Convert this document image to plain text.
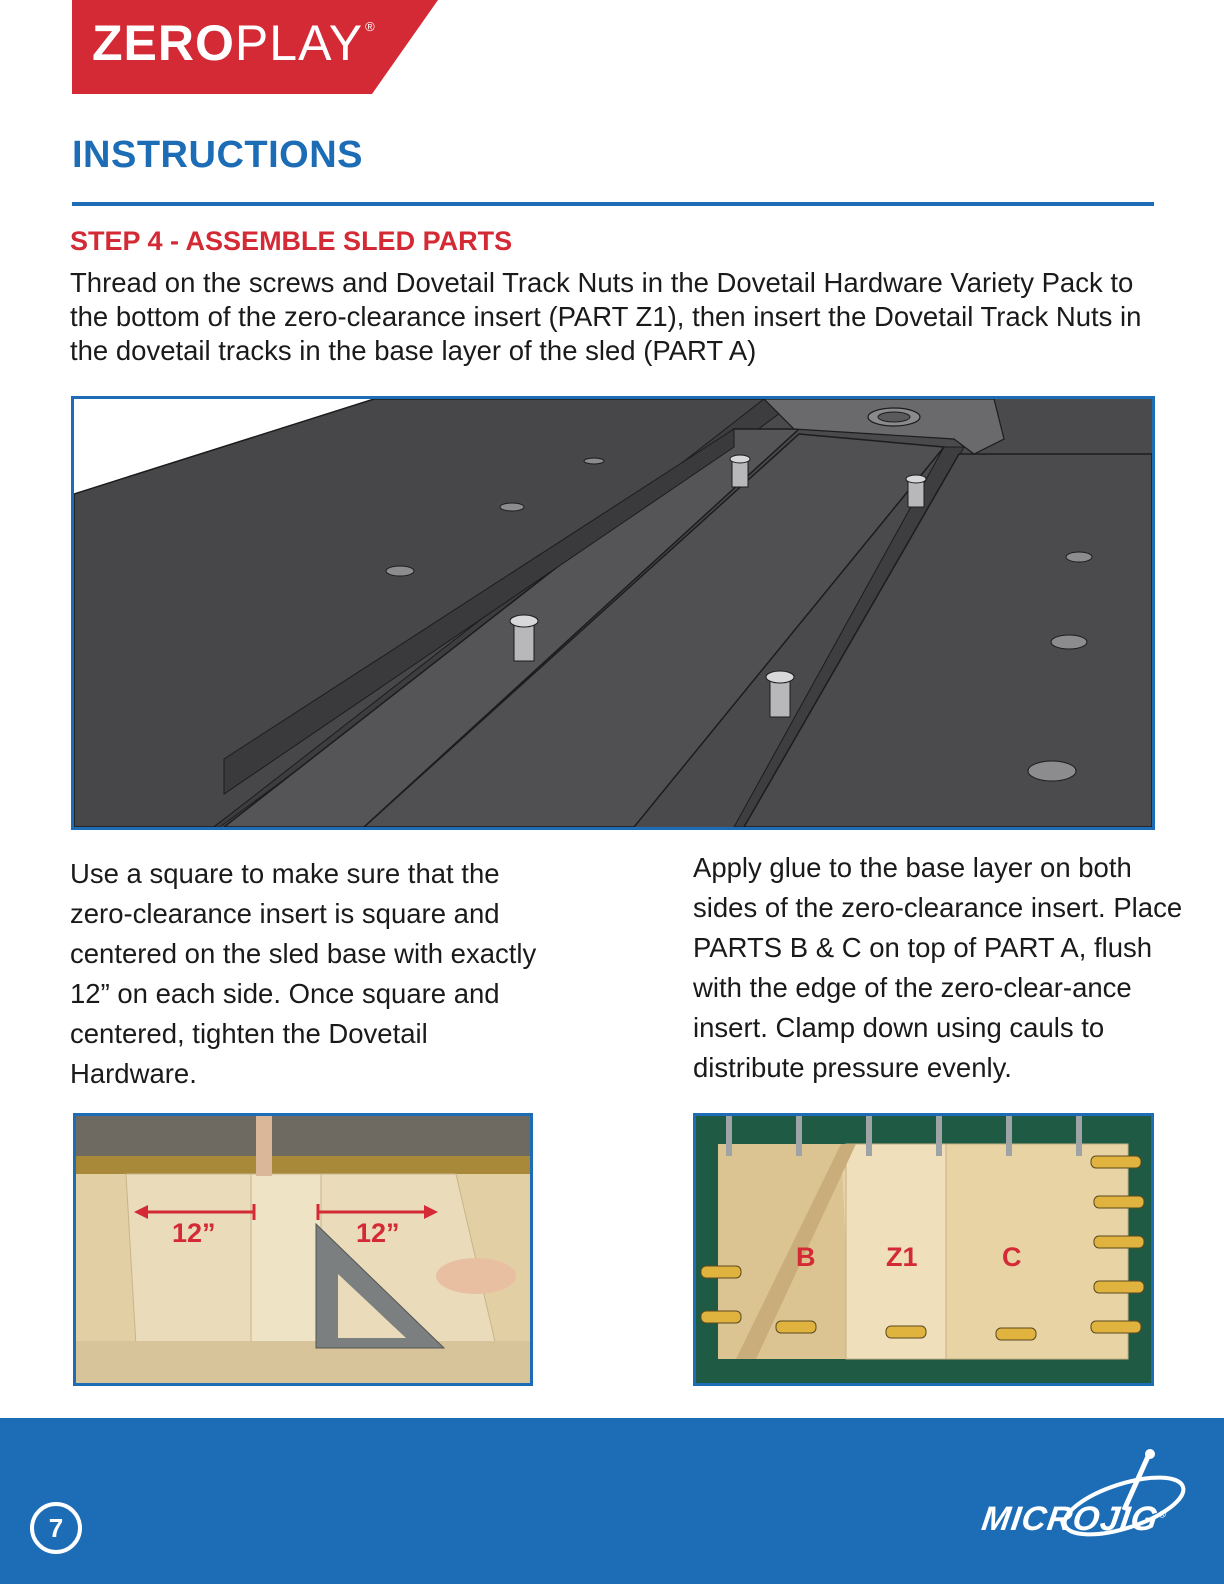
ZEROPLAY ®
INSTRUCTIONS
STEP 4 - ASSEMBLE SLED PARTS
Thread on the screws and Dovetail Track Nuts in the Dovetail Hardware Variety Pack to the bottom of the zero-clearance insert (PART Z1), then insert the Dovetail Track Nuts in the dovetail tracks in the base layer of the sled (PART A)
Use a square to make sure that the zero-clearance insert is square and centered on the sled base with exactly 12” on each side. Once square and centered, tighten the Dovetail Hardware.
Apply glue to the base layer on both sides of the zero-clearance insert. Place PARTS B & C on top of PART A, flush with the edge of the zero-clear-ance insert. Clamp down using cauls to distribute pressure evenly.
12”	12”
B	Z1	C
7	MICROJIG®
